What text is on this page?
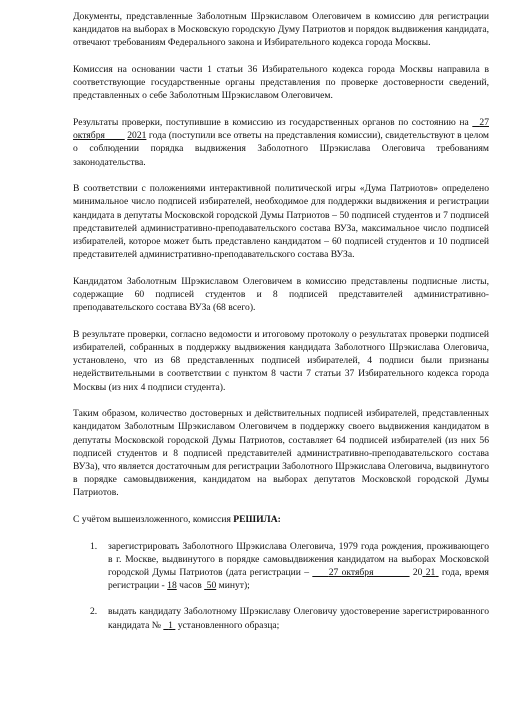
Документы, представленные Заболотным Шрэкиславом Олеговичем в комиссию для регистрации кандидатов на выборах в Московскую городскую Думу Патриотов и порядок выдвижения кандидата, отвечают требованиям Федерального закона и Избирательного кодекса города Москвы.

Комиссия на основании части 1 статьи 36 Избирательного кодекса города Москвы направила в соответствующие государственные органы представления по проверке достоверности сведений, представленных о себе Заболотным Шрэкиславом Олеговичем.

Результаты проверки, поступившие в комиссию из государственных органов по состоянию на 27 октября 2021 года (поступили все ответы на представления комиссии), свидетельствуют в целом о соблюдении порядка выдвижения Заболотного Шрэкислава Олеговича требованиям законодательства.

В соответствии с положениями интерактивной политической игры «Дума Патриотов» определено минимальное число подписей избирателей, необходимое для поддержки выдвижения и регистрации кандидата в депутаты Московской городской Думы Патриотов – 50 подписей студентов и 7 подписей представителей административно-преподавательского состава ВУЗа, максимальное число подписей избирателей, которое может быть представлено кандидатом – 60 подписей студентов и 10 подписей представителей административно-преподавательского состава ВУЗа.

Кандидатом Заболотным Шрэкиславом Олеговичем в комиссию представлены подписные листы, содержащие 60 подписей студентов и 8 подписей представителей административно-преподавательского состава ВУЗа (68 всего).

В результате проверки, согласно ведомости и итоговому протоколу о результатах проверки подписей избирателей, собранных в поддержку выдвижения кандидата Заболотного Шрэкислава Олеговича, установлено, что из 68 представленных подписей избирателей, 4 подписи были признаны недействительными в соответствии с пунктом 8 части 7 статьи 37 Избирательного кодекса города Москвы (из них 4 подписи студента).

Таким образом, количество достоверных и действительных подписей избирателей, представленных кандидатом Заболотным Шрэкиславом Олеговичем в поддержку своего выдвижения кандидатом в депутаты Московской городской Думы Патриотов, составляет 64 подписей избирателей (из них 56 подписей студентов и 8 подписей представителей административно-преподавательского состава ВУЗа), что является достаточным для регистрации Заболотного Шрэкислава Олеговича, выдвинутого в порядке самовыдвижения, кандидатом на выборах депутатов Московской городской Думы Патриотов.

С учётом вышеизложенного, комиссия РЕШИЛА:

1. зарегистрировать Заболотного Шрэкислава Олеговича, 1979 года рождения, проживающего в г. Москве, выдвинутого в порядке самовыдвижения кандидатом на выборах Московской городской Думы Патриотов (дата регистрации – 27 октября	20 21 года, время регистрации - 18 часов 50 минут);
2. выдать кандидату Заболотному Шрэкиславу Олеговичу удостоверение зарегистрированного кандидата № 1 установленного образца;
